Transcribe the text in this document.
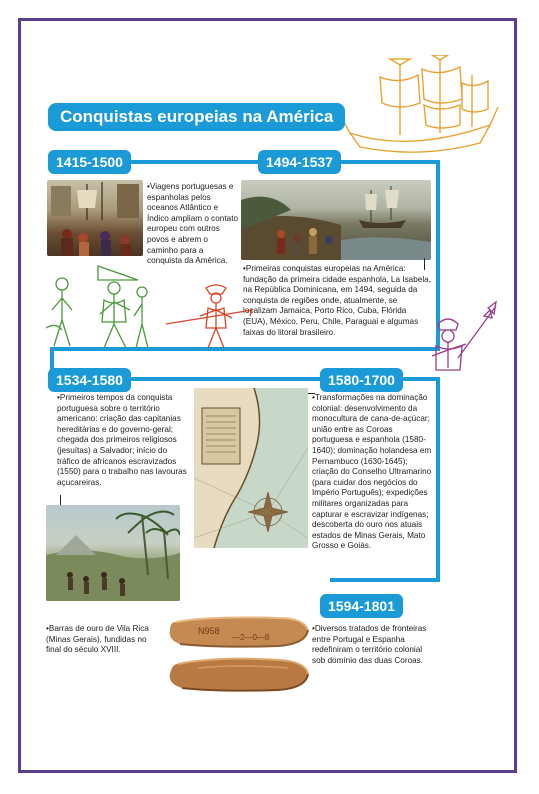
Conquistas europeias na América
1415-1500	1494-1537
1534-1580	1580-1700
1594-1801
• Viagens portuguesas e espanholas pelos oceanos Atlântico e Índico ampliam o contato europeu com outros povos e abrem o caminho para a conquista da América.
• Primeiras conquistas europeias na América: fundação da primeira cidade espanhola, La Isabela, na República Dominicana, em 1494, seguida da conquista de regiões onde, atualmente, se localizam Jamaica, Porto Rico, Cuba, Flórida (EUA), México, Peru, Chile, Paraguai e algumas faixas do litoral brasileiro.
• Primeiros tempos da conquista portuguesa sobre o território americano: criação das capitanias hereditárias e do governo-geral; chegada dos primeiros religiosos (jesuítas) a Salvador; início do tráfico de africanos escravizados (1550) para o trabalho nas lavouras açucareiras.
• Transformações na dominação colonial: desenvolvimento da monocultura de cana-de-açúcar; união entre as Coroas portuguesa e espanhola (1580-1640); dominação holandesa em Pernambuco (1630-1645); criação do Conselho Ultramarino (para cuidar dos negócios do Império Português); expedições militares organizadas para capturar e escravizar indígenas; descoberta do ouro nos atuais estados de Minas Gerais, Mato Grosso e Goiás.
• Barras de ouro de Vila Rica (Minas Gerais), fundidas no final do século XVIII.
N958
—2—0—8
• Diversos tratados de fronteiras entre Portugal e Espanha redefiniram o território colonial sob domínio das duas Coroas.
